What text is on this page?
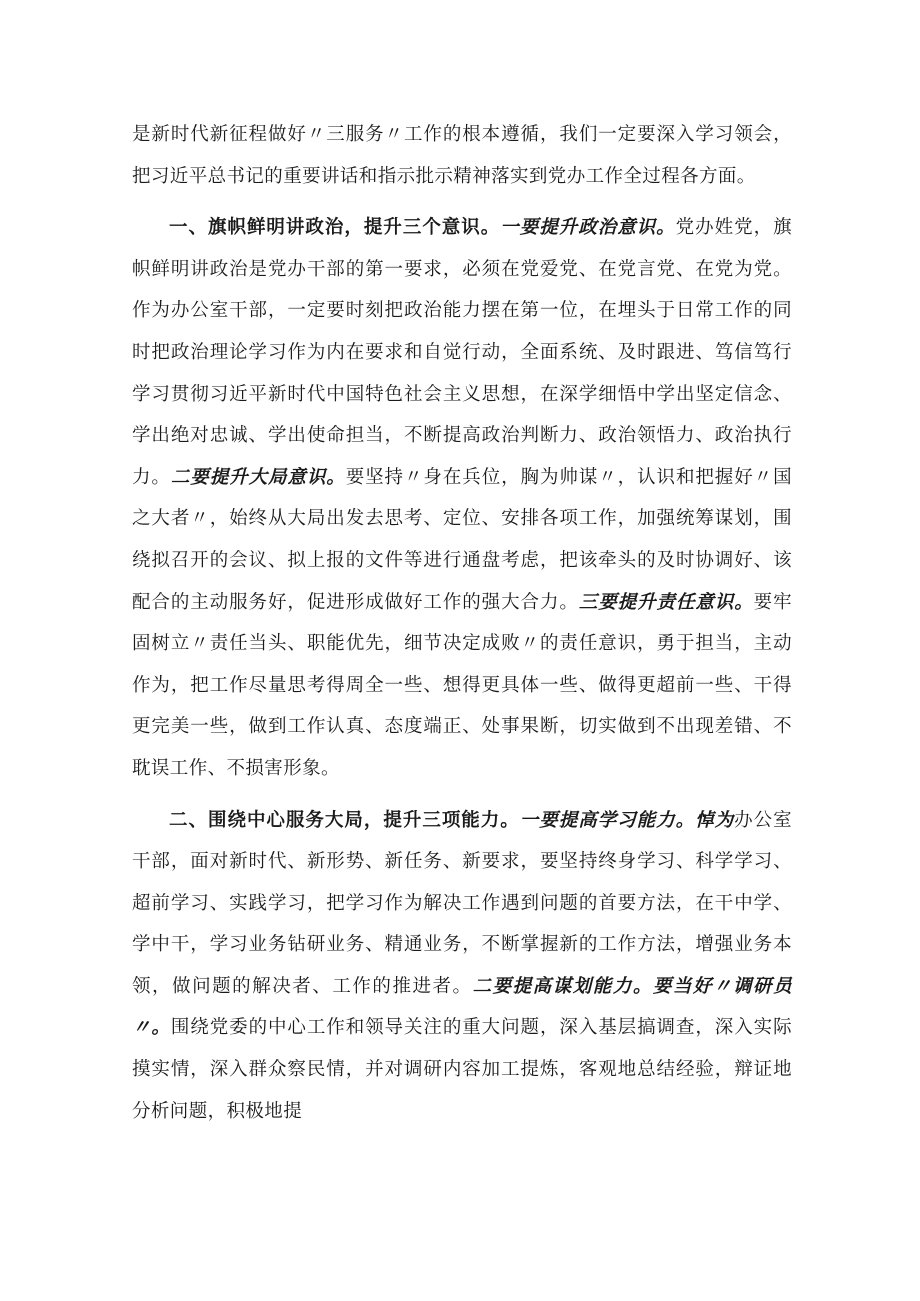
是新时代新征程做好〃三服务〃工作的根本遵循，我们一定要深入学习领会，把习近平总书记的重要讲话和指示批示精神落实到党办工作全过程各方面。

一、旗帜鲜明讲政治，提升三个意识。一要提升政治意识。党办姓党，旗帜鲜明讲政治是党办干部的第一要求，必须在党爱党、在党言党、在党为党。作为办公室干部，一定要时刻把政治能力摆在第一位，在埋头于日常工作的同时把政治理论学习作为内在要求和自觉行动，全面系统、及时跟进、笃信笃行学习贯彻习近平新时代中国特色社会主义思想，在深学细悟中学出坚定信念、学出绝对忠诚、学出使命担当，不断提高政治判断力、政治领悟力、政治执行力。二要提升大局意识。要坚持〃身在兵位，胸为帅谋〃，认识和把握好〃国之大者〃，始终从大局出发去思考、定位、安排各项工作，加强统筹谋划，围绕拟召开的会议、拟上报的文件等进行通盘考虑，把该牵头的及时协调好、该配合的主动服务好，促进形成做好工作的强大合力。三要提升责任意识。要牢固树立〃责任当头、职能优先，细节决定成败〃的责任意识，勇于担当，主动作为，把工作尽量思考得周全一些、想得更具体一些、做得更超前一些、干得更完美一些，做到工作认真、态度端正、处事果断，切实做到不出现差错、不耽误工作、不损害形象。

二、围绕中心服务大局，提升三项能力。一要提高学习能力。悼为办公室干部，面对新时代、新形势、新任务、新要求，要坚持终身学习、科学学习、超前学习、实践学习，把学习作为解决工作遇到问题的首要方法，在干中学、学中干，学习业务钻研业务、精通业务，不断掌握新的工作方法，增强业务本领，做问题的解决者、工作的推进者。二要提高谋划能力。要当好〃调研员〃。围绕党委的中心工作和领导关注的重大问题，深入基层搞调查，深入实际摸实情，深入群众察民情，并对调研内容加工提炼，客观地总结经验，辩证地分析问题，积极地提
